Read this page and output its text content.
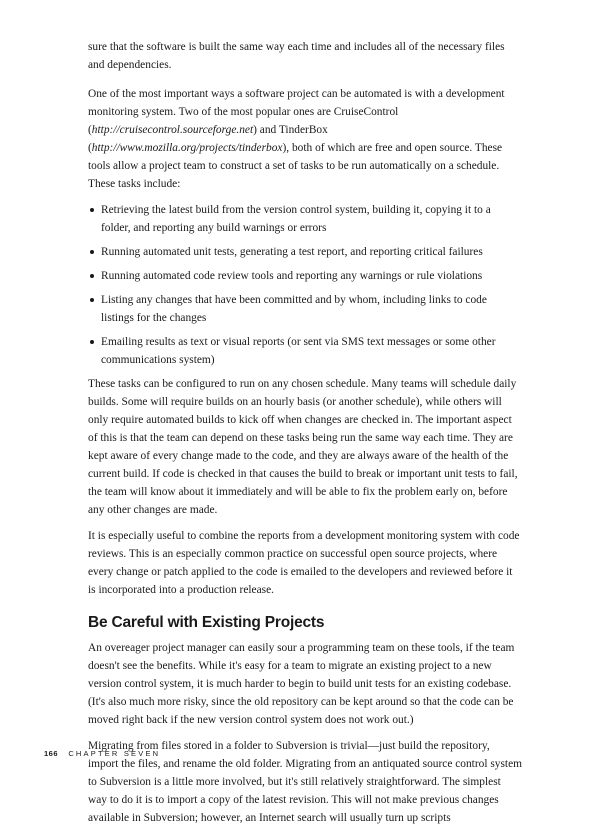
sure that the software is built the same way each time and includes all of the necessary files and dependencies.

One of the most important ways a software project can be automated is with a development monitoring system. Two of the most popular ones are CruiseControl (http://cruisecontrol.sourceforge.net) and TinderBox (http://www.mozilla.org/projects/tinderbox), both of which are free and open source. These tools allow a project team to construct a set of tasks to be run automatically on a schedule. These tasks include:

Retrieving the latest build from the version control system, building it, copying it to a folder, and reporting any build warnings or errors
Running automated unit tests, generating a test report, and reporting critical failures
Running automated code review tools and reporting any warnings or rule violations
Listing any changes that have been committed and by whom, including links to code listings for the changes
Emailing results as text or visual reports (or sent via SMS text messages or some other communications system)

These tasks can be configured to run on any chosen schedule. Many teams will schedule daily builds. Some will require builds on an hourly basis (or another schedule), while others will only require automated builds to kick off when changes are checked in. The important aspect of this is that the team can depend on these tasks being run the same way each time. They are kept aware of every change made to the code, and they are always aware of the health of the current build. If code is checked in that causes the build to break or important unit tests to fail, the team will know about it immediately and will be able to fix the problem early on, before any other changes are made.

It is especially useful to combine the reports from a development monitoring system with code reviews. This is an especially common practice on successful open source projects, where every change or patch applied to the code is emailed to the developers and reviewed before it is incorporated into a production release.

Be Careful with Existing Projects

An overeager project manager can easily sour a programming team on these tools, if the team doesn't see the benefits. While it's easy for a team to migrate an existing project to a new version control system, it is much harder to begin to build unit tests for an existing codebase. (It's also much more risky, since the old repository can be kept around so that the code can be moved right back if the new version control system does not work out.)

Migrating from files stored in a folder to Subversion is trivial—just build the repository, import the files, and rename the old folder. Migrating from an antiquated source control system to Subversion is a little more involved, but it's still relatively straightforward. The simplest way to do it is to import a copy of the latest revision. This will not make previous changes available in Subversion; however, an Internet search will usually turn up scripts

166 CHAPTER SEVEN
